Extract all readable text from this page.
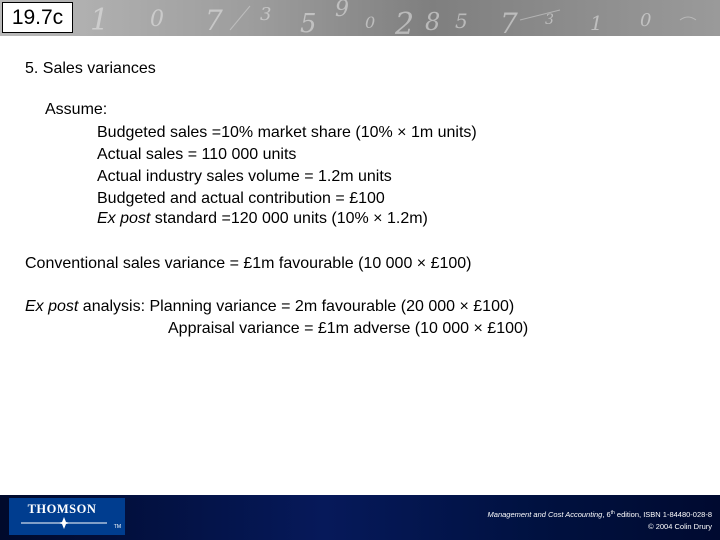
1 0 7 3 5 9
0 2 8 5 7 3 1 0
19.7c
5. Sales variances
Assume:
Budgeted sales =10% market share (10% × 1m units)
Actual sales = 110 000 units
Actual industry sales volume = 1.2m units
Budgeted and actual contribution = £100
Ex post standard =120 000 units (10% × 1.2m)
Conventional sales variance = £1m favourable (10 000 × £100)
Ex post analysis: Planning variance = 2m favourable (20 000 × £100)
Appraisal variance = £1m adverse (10 000 × £100)
THOMSON
TM
Management and Cost Accounting, 6th edition, ISBN 1-84480-028-8
© 2004 Colin Drury
